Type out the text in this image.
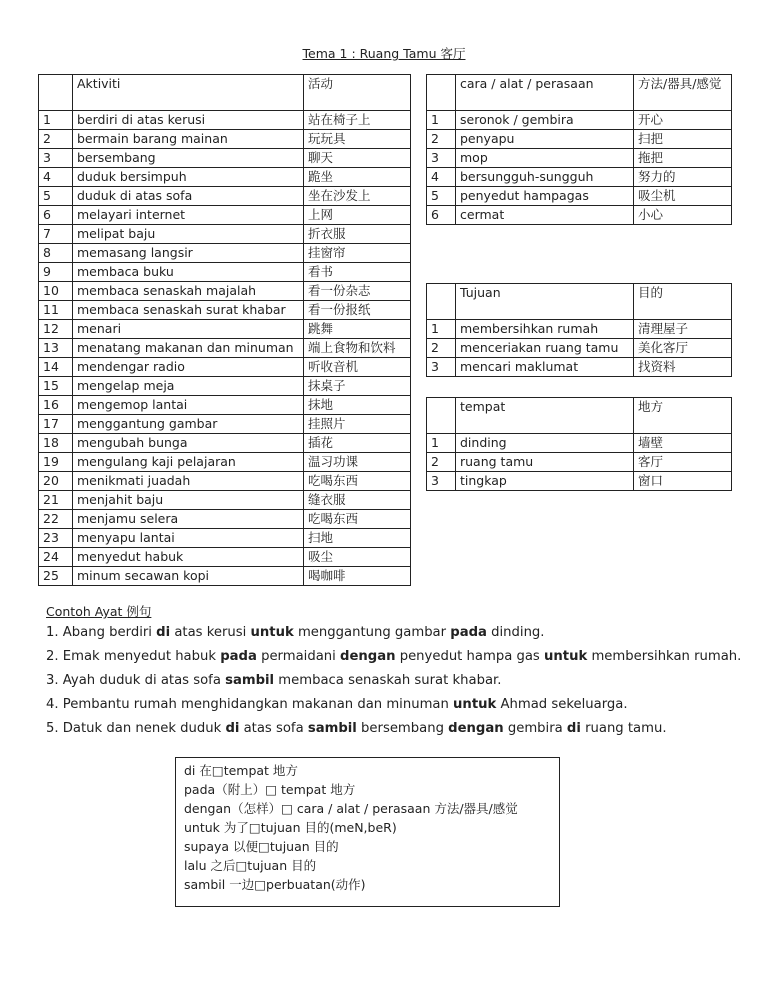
Tema 1 : Ruang Tamu 客厅
	Aktiviti	活动
1	berdiri di atas kerusi	站在椅子上
2	bermain barang mainan	玩玩具
3	bersembang	聊天
4	duduk bersimpuh	跪坐
5	duduk di atas sofa	坐在沙发上
6	melayari internet	上网
7	melipat baju	折衣服
8	memasang langsir	挂窗帘
9	membaca buku	看书
10	membaca senaskah majalah	看一份杂志
11	membaca senaskah surat khabar	看一份报纸
12	menari	跳舞
13	menatang makanan dan minuman	端上食物和饮料
14	mendengar radio	听收音机
15	mengelap meja	抹桌子
16	mengemop lantai	抹地
17	menggantung gambar	挂照片
18	mengubah bunga	插花
19	mengulang kaji pelajaran	温习功课
20	menikmati juadah	吃喝东西
21	menjahit baju	缝衣服
22	menjamu selera	吃喝东西
23	menyapu lantai	扫地
24	menyedut habuk	吸尘
25	minum secawan kopi	喝咖啡
	cara / alat / perasaan	方法/器具/感觉
1	seronok / gembira	开心
2	penyapu	扫把
3	mop	拖把
4	bersungguh-sungguh	努力的
5	penyedut hampagas	吸尘机
6	cermat	小心
	Tujuan	目的
1	membersihkan rumah	清理屋子
2	menceriakan ruang tamu	美化客厅
3	mencari maklumat	找资料
	tempat	地方
1	dinding	墙壁
2	ruang tamu	客厅
3	tingkap	窗口
Contoh Ayat 例句
1. Abang berdiri di atas kerusi untuk menggantung gambar pada dinding.
2. Emak menyedut habuk pada permaidani dengan penyedut hampa gas untuk membersihkan rumah.
3. Ayah duduk di atas sofa sambil membaca senaskah surat khabar.
4. Pembantu rumah menghidangkan makanan dan minuman untuk Ahmad sekeluarga.
5. Datuk dan nenek duduk di atas sofa sambil bersembang dengan gembira di ruang tamu.
di 在□tempat 地方
pada（附上）□ tempat 地方
dengan（怎样）□ cara / alat / perasaan 方法/器具/感觉
untuk 为了□tujuan 目的(meN,beR)
supaya 以便□tujuan 目的
lalu 之后□tujuan 目的
sambil 一边□perbuatan(动作)
